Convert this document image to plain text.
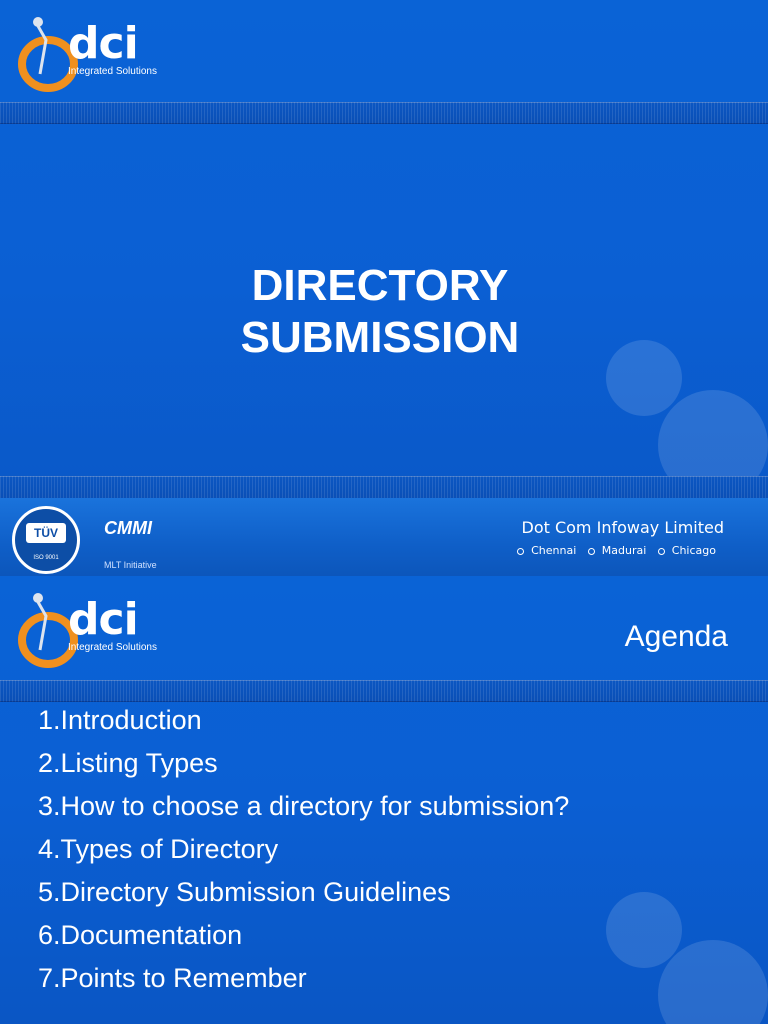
dci
Integrated Solutions
DIRECTORY
SUBMISSION
TÜV
ISO 9001
CMMI
MLT Initiative
Dot Com Infoway Limited
Chennai Madurai Chicago
dci
Integrated Solutions	Agenda
1.Introduction
2.Listing Types
3.How to choose a directory for submission?
4.Types of Directory
5.Directory Submission Guidelines
6.Documentation
7.Points to Remember
